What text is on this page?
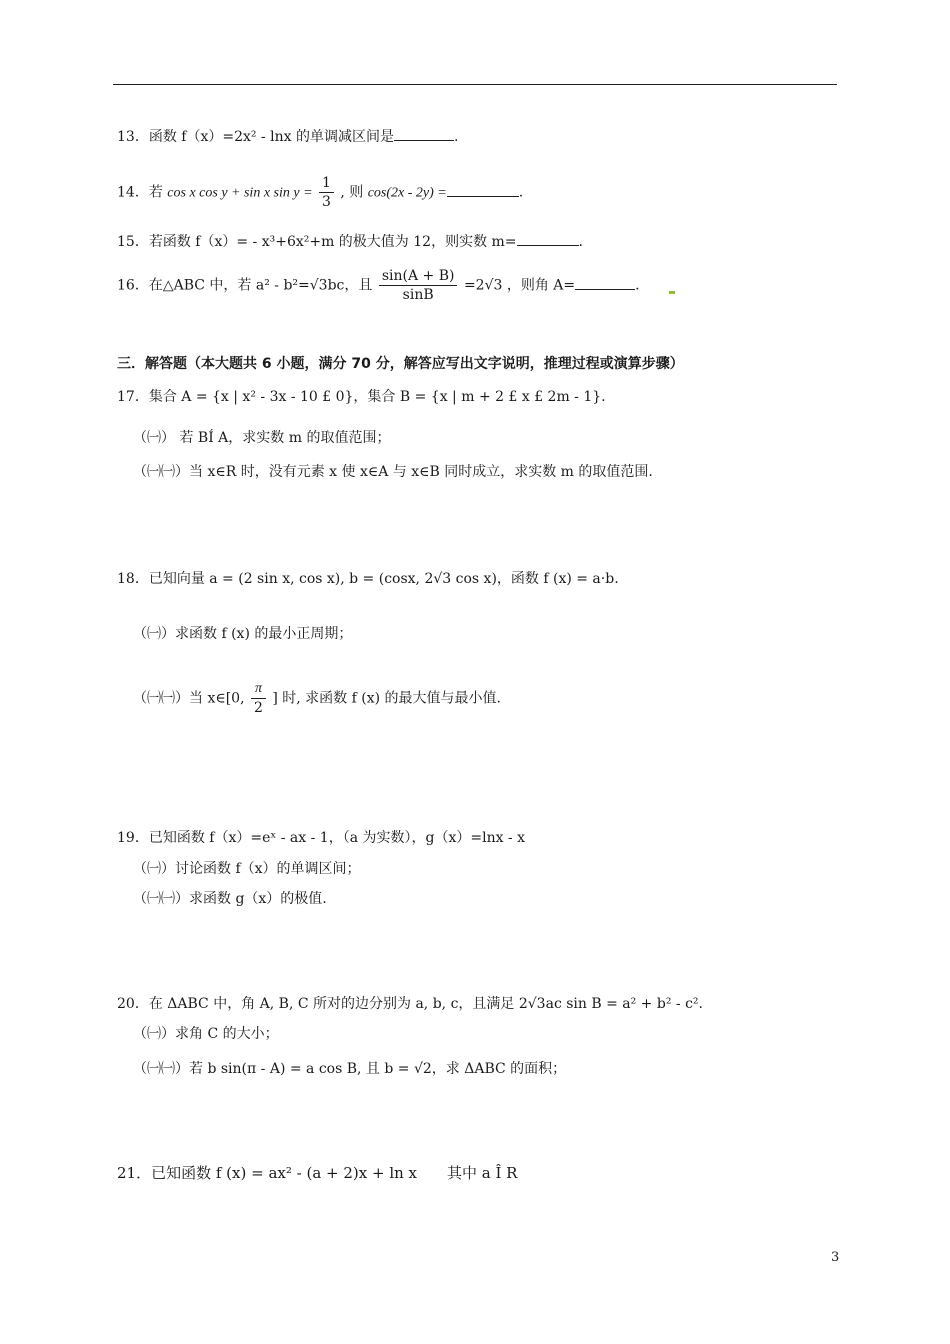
13．函数 f（x）=2x² - lnx 的单调减区间是	.
14．若 cos x cos y + sin x $\sin y = \frac{1}{3}$ , 则 cos(2x - 2y) =	.
15．若函数 f（x）= - x³+6x²+m 的极大值为 12，则实数 m=	.
16．在△ABC 中，若 a² - b²=√3bc，且 $\frac{\sin(A + B)}{\sin B} =2√3$ ，则角 A=	.
三．解答题（本大题共 6 小题，满分 70 分，解答应写出文字说明，推理过程或演算步骤）
17．集合 A = {x | x² - 3x - 10 £ 0}，集合 B = {x | m + 2 £ x £ 2m - 1}.
（㈠） 若 BÍ A，求实数 m 的取值范围；
（㈠㈠）当 x∈R 时，没有元素 x 使 x∈A 与 x∈B 同时成立，求实数 m 的取值范围.
18．已知向量 a = (2 sin x, cos x), b = (cosx, 2√3 cos x)，函数 f (x) = a·b.
（㈠）求函数 f (x) 的最小正周期；
（㈠㈠）当 x∈[0, $\frac{\pi}{2}$ ] 时, 求函数 f (x) 的最大值与最小值.
19．已知函数 f（x）=eˣ - ax - 1，（a 为实数），g（x）=lnx - x
（㈠）讨论函数 f（x）的单调区间；
（㈠㈠）求函数 g（x）的极值.
20．在 ΔABC 中，角 A, B, C 所对的边分别为 a, b, c，且满足 2√3ac sin B = a² + b² - c².
（㈠）求角 C 的大小；
（㈠㈠）若 b sin(π - A) = a cos B, 且 b = √2，求 ΔABC 的面积；
21．已知函数 f (x) = ax² - (a + 2)x + ln x　　其中 a Î R
3
